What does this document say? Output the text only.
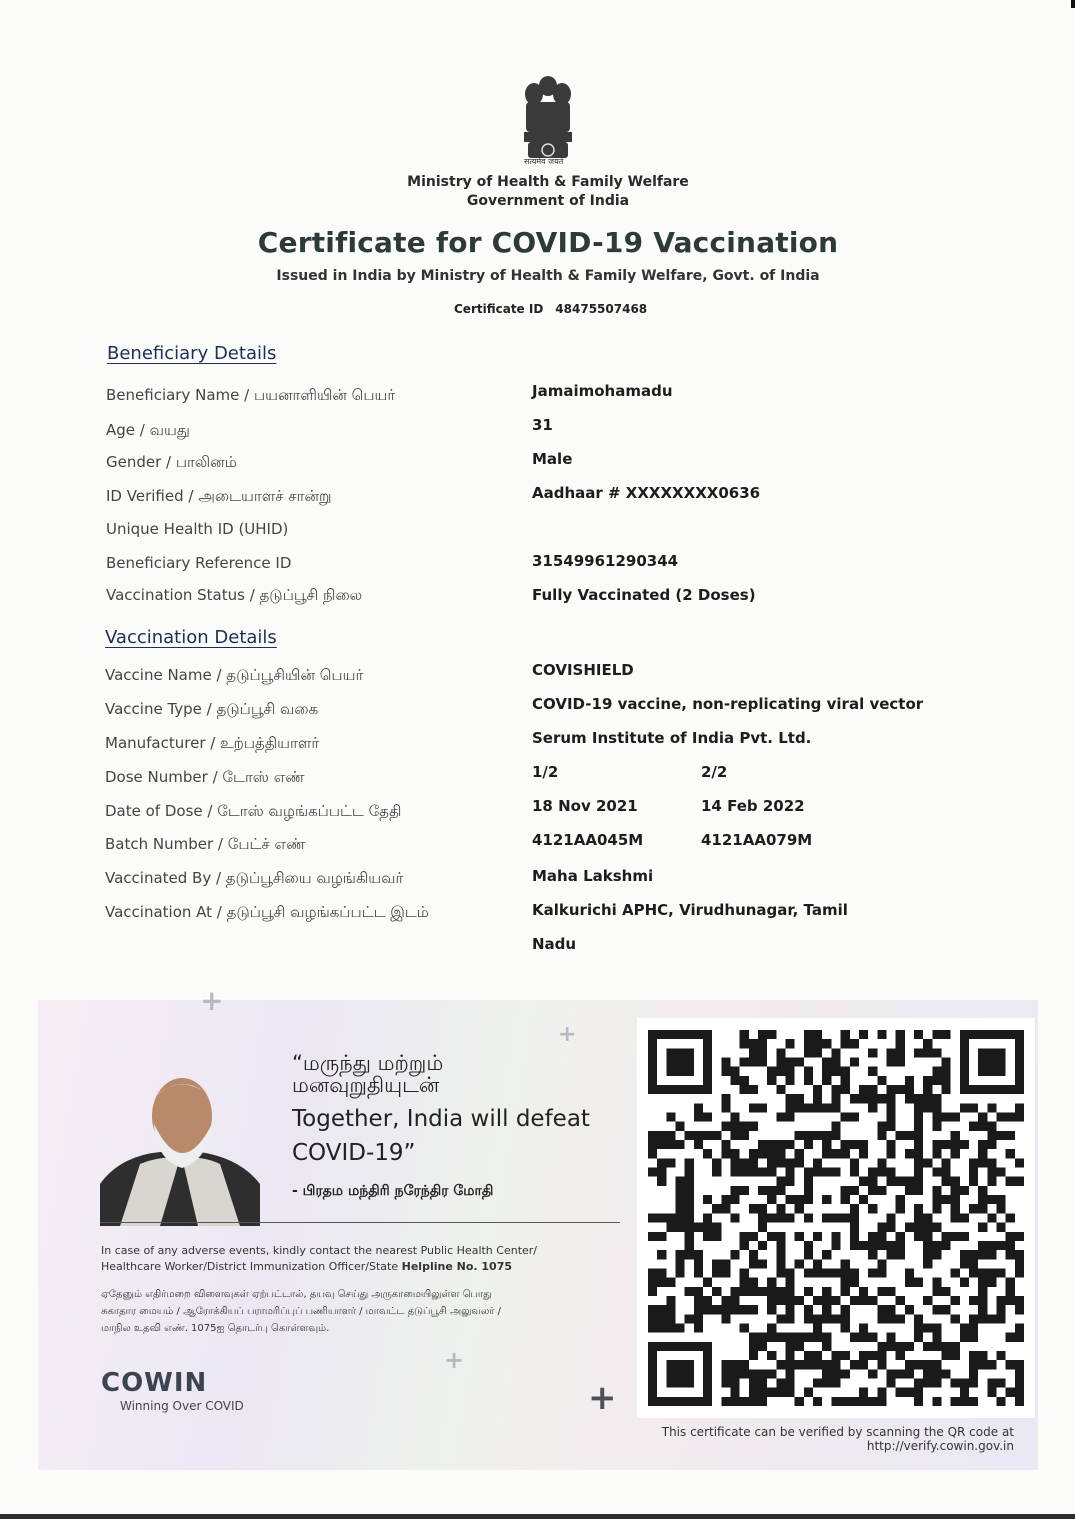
सत्यमेव जयते
Ministry of Health & Family Welfare
Government of India
Certificate for COVID-19 Vaccination
Issued in India by Ministry of Health & Family Welfare, Govt. of India
Certificate ID 48475507468
Beneficiary Details
Beneficiary Name / பயனாளியின் பெயர்	Jamaimohamadu
Age / வயது	31
Gender / பாலினம்	Male
ID Verified / அடையாளச் சான்று	Aadhaar # XXXXXXXX0636
Unique Health ID (UHID)
Beneficiary Reference ID	31549961290344
Vaccination Status / தடுப்பூசி நிலை	Fully Vaccinated (2 Doses)
Vaccination Details
Vaccine Name / தடுப்பூசியின் பெயர்	COVISHIELD
Vaccine Type / தடுப்பூசி வகை	COVID-19 vaccine, non-replicating viral vector
Manufacturer / உற்பத்தியாளர்	Serum Institute of India Pvt. Ltd.
Dose Number / டோஸ் எண்	1/2	2/2
Date of Dose / டோஸ் வழங்கப்பட்ட தேதி	18 Nov 2021	14 Feb 2022
Batch Number / பேட்ச் எண்	4121AA045M	4121AA079M
Vaccinated By / தடுப்பூசியை வழங்கியவர்	Maha Lakshmi
Vaccination At / தடுப்பூசி வழங்கப்பட்ட இடம்	Kalkurichi APHC, Virudhunagar, Tamil
Nadu
+
+
+
+
“மருந்து மற்றும்
மனவுறுதியுடன்
Together, India will defeat
COVID-19”
- பிரதம மந்திரி நரேந்திர மோதி
In case of any adverse events, kindly contact the nearest Public Health Center/
Healthcare Worker/District Immunization Officer/State Helpline No. 1075
ஏதேனும் எதிர்மறை விளைவுகள் ஏற்பட்டால், தயவு செய்து அருகாமையிலுள்ள பொது
சுகாதார மையம் / ஆரோக்கியப் பராமரிப்புப் பணியாளர் / மாவட்ட தடுப்பூசி அலுவலர் /
மாநில உதவி எண். 1075ஐ தொடர்பு கொள்ளவும்.
COWIN
Winning Over COVID
This certificate can be verified by scanning the QR code at
http://verify.cowin.gov.in
